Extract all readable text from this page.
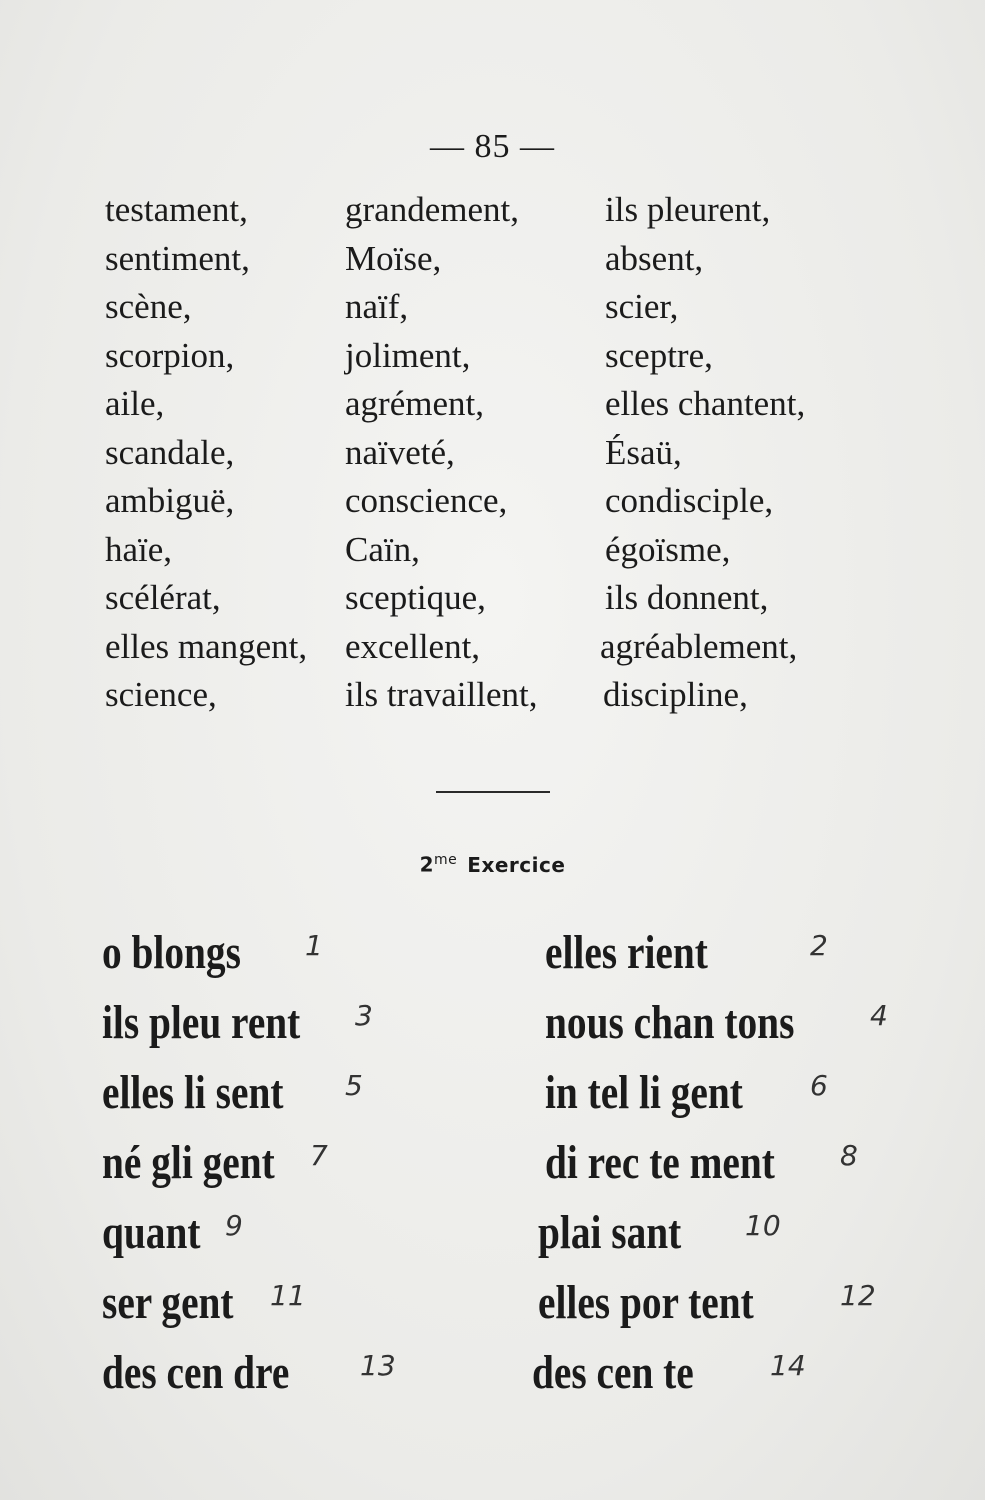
— 85 —
testament,	grandement, ils pleurent,
sentiment,	Moïse,	absent,
scène,	naïf,	scier,
scorpion,	joliment,	sceptre,
aile,	agrément,	elles chantent,
scandale,	naïveté,	Ésaü,
ambiguë,	conscience,	condisciple,
haïe,	Caïn,	égoïsme,
scélérat,	sceptique,	ils donnent,
elles mangent, excellent,	agréablement,
science,	ils travaillent, discipline,
$2^{me}$ Exercice
o blongs 1	elles rient	2
ils pleu rent 3	nous chan tons	4
elles li sent 5	in tel li gent 6
né gli gent 7	di rec te ment 8
quant 9	plai sant 10
ser gent 11	elles por tent	12
des cen dre	13	des cen te	14
